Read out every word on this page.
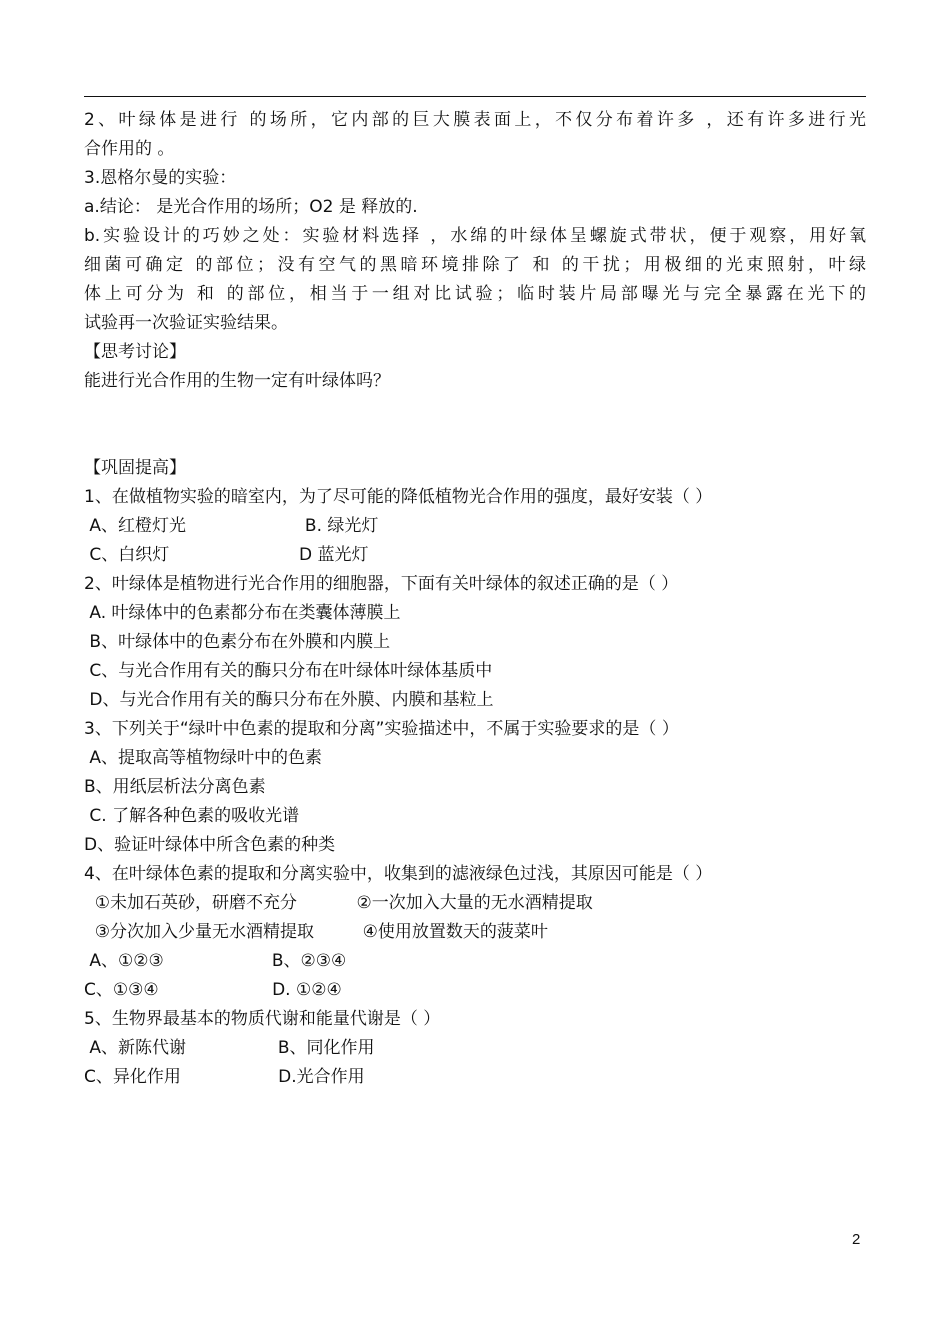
2、叶绿体是进行 的场所，它内部的巨大膜表面上，不仅分布着许多 ，还有许多进行光
合作用的 。
3.恩格尔曼的实验：
a.结论： 是光合作用的场所；O2 是 释放的.
b.实验设计的巧妙之处：实验材料选择 ，水绵的叶绿体呈螺旋式带状，便于观察，用好氧
细菌可确定 的部位；没有空气的黑暗环境排除了 和 的干扰；用极细的光束照射，叶绿
体上可分为 和 的部位，相当于一组对比试验；临时装片局部曝光与完全暴露在光下的
试验再一次验证实验结果。
【思考讨论】
能进行光合作用的生物一定有叶绿体吗？
【巩固提高】
1、在做植物实验的暗室内，为了尽可能的降低植物光合作用的强度，最好安装（ ）
A、红橙灯光                      B. 绿光灯
C、白织灯                        D 蓝光灯
2、叶绿体是植物进行光合作用的细胞器，下面有关叶绿体的叙述正确的是（ ）
A. 叶绿体中的色素都分布在类囊体薄膜上
B、叶绿体中的色素分布在外膜和内膜上
C、与光合作用有关的酶只分布在叶绿体叶绿体基质中
D、与光合作用有关的酶只分布在外膜、内膜和基粒上
3、下列关于“绿叶中色素的提取和分离”实验描述中，不属于实验要求的是（ ）
A、提取高等植物绿叶中的色素
B、用纸层析法分离色素
C. 了解各种色素的吸收光谱
D、验证叶绿体中所含色素的种类
4、在叶绿体色素的提取和分离实验中，收集到的滤液绿色过浅，其原因可能是（ ）
①未加石英砂，研磨不充分           ②一次加入大量的无水酒精提取
③分次加入少量无水酒精提取         ④使用放置数天的菠菜叶
A、①②③                    B、②③④
C、①③④                     D. ①②④
5、生物界最基本的物质代谢和能量代谢是（ ）
A、新陈代谢                 B、同化作用
C、异化作用                  D.光合作用
2
